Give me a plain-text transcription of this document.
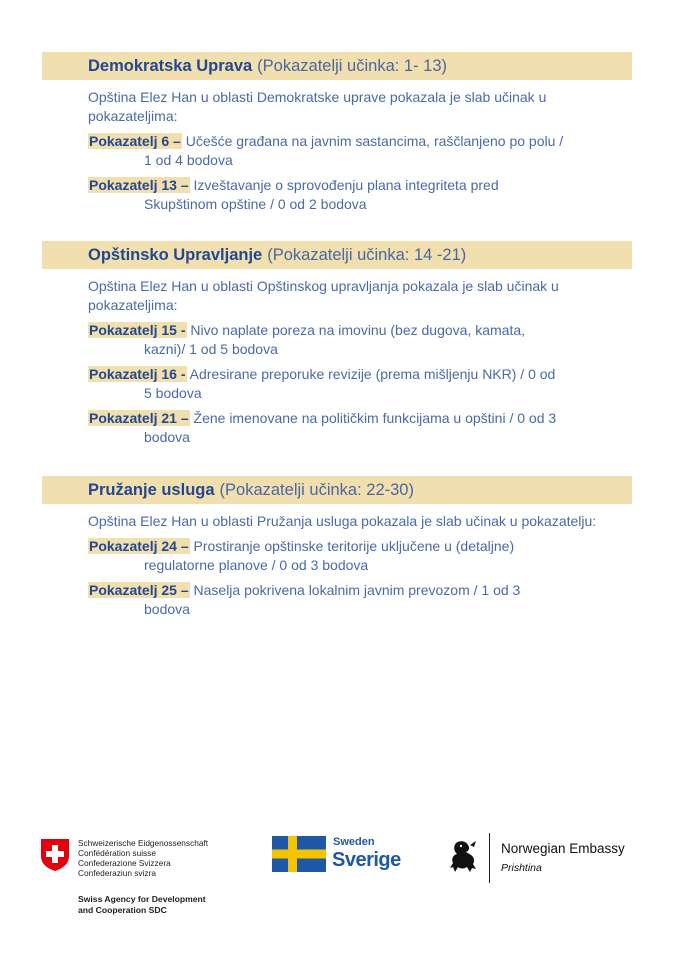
Demokratska Uprava (Pokazatelji učinka: 1- 13)
Opština Elez Han u oblasti Demokratske uprave pokazala je slab učinak u pokazateljima:
Pokazatelj 6 – Učešće građana na javnim sastancima, raščlanjeno po polu /
1 od 4 bodova
Pokazatelj 13 – Izveštavanje o sprovođenju plana integriteta pred
Skupštinom opštine / 0 od 2 bodova
Opštinsko Upravljanje (Pokazatelji učinka: 14 -21)
Opština Elez Han u oblasti Opštinskog upravljanja pokazala je slab učinak u pokazateljima:
Pokazatelj 15 - Nivo naplate poreza na imovinu (bez dugova, kamata,
kazni)/ 1 od 5 bodova
Pokazatelj 16 - Adresirane preporuke revizije (prema mišljenju NKR) / 0 od
5 bodova
Pokazatelj 21 – Žene imenovane na političkim funkcijama u opštini / 0 od 3
bodova
Pružanje usluga (Pokazatelji učinka: 22-30)
Opština Elez Han u oblasti Pružanja usluga pokazala je slab učinak u pokazatelju:
Pokazatelj 24 – Prostiranje opštinske teritorije uključene u (detaljne)
regulatorne planove / 0 od 3 bodova
Pokazatelj 25 – Naselja pokrivena lokalnim javnim prevozom / 1 od 3
bodova
Schweizerische Eidgenossenschaft
Confédération suisse
Confederazione Svizzera
Confederaziun svizra
Swiss Agency for Development
and Cooperation SDC
Sweden
Sverige
Norwegian Embassy
Prishtina
